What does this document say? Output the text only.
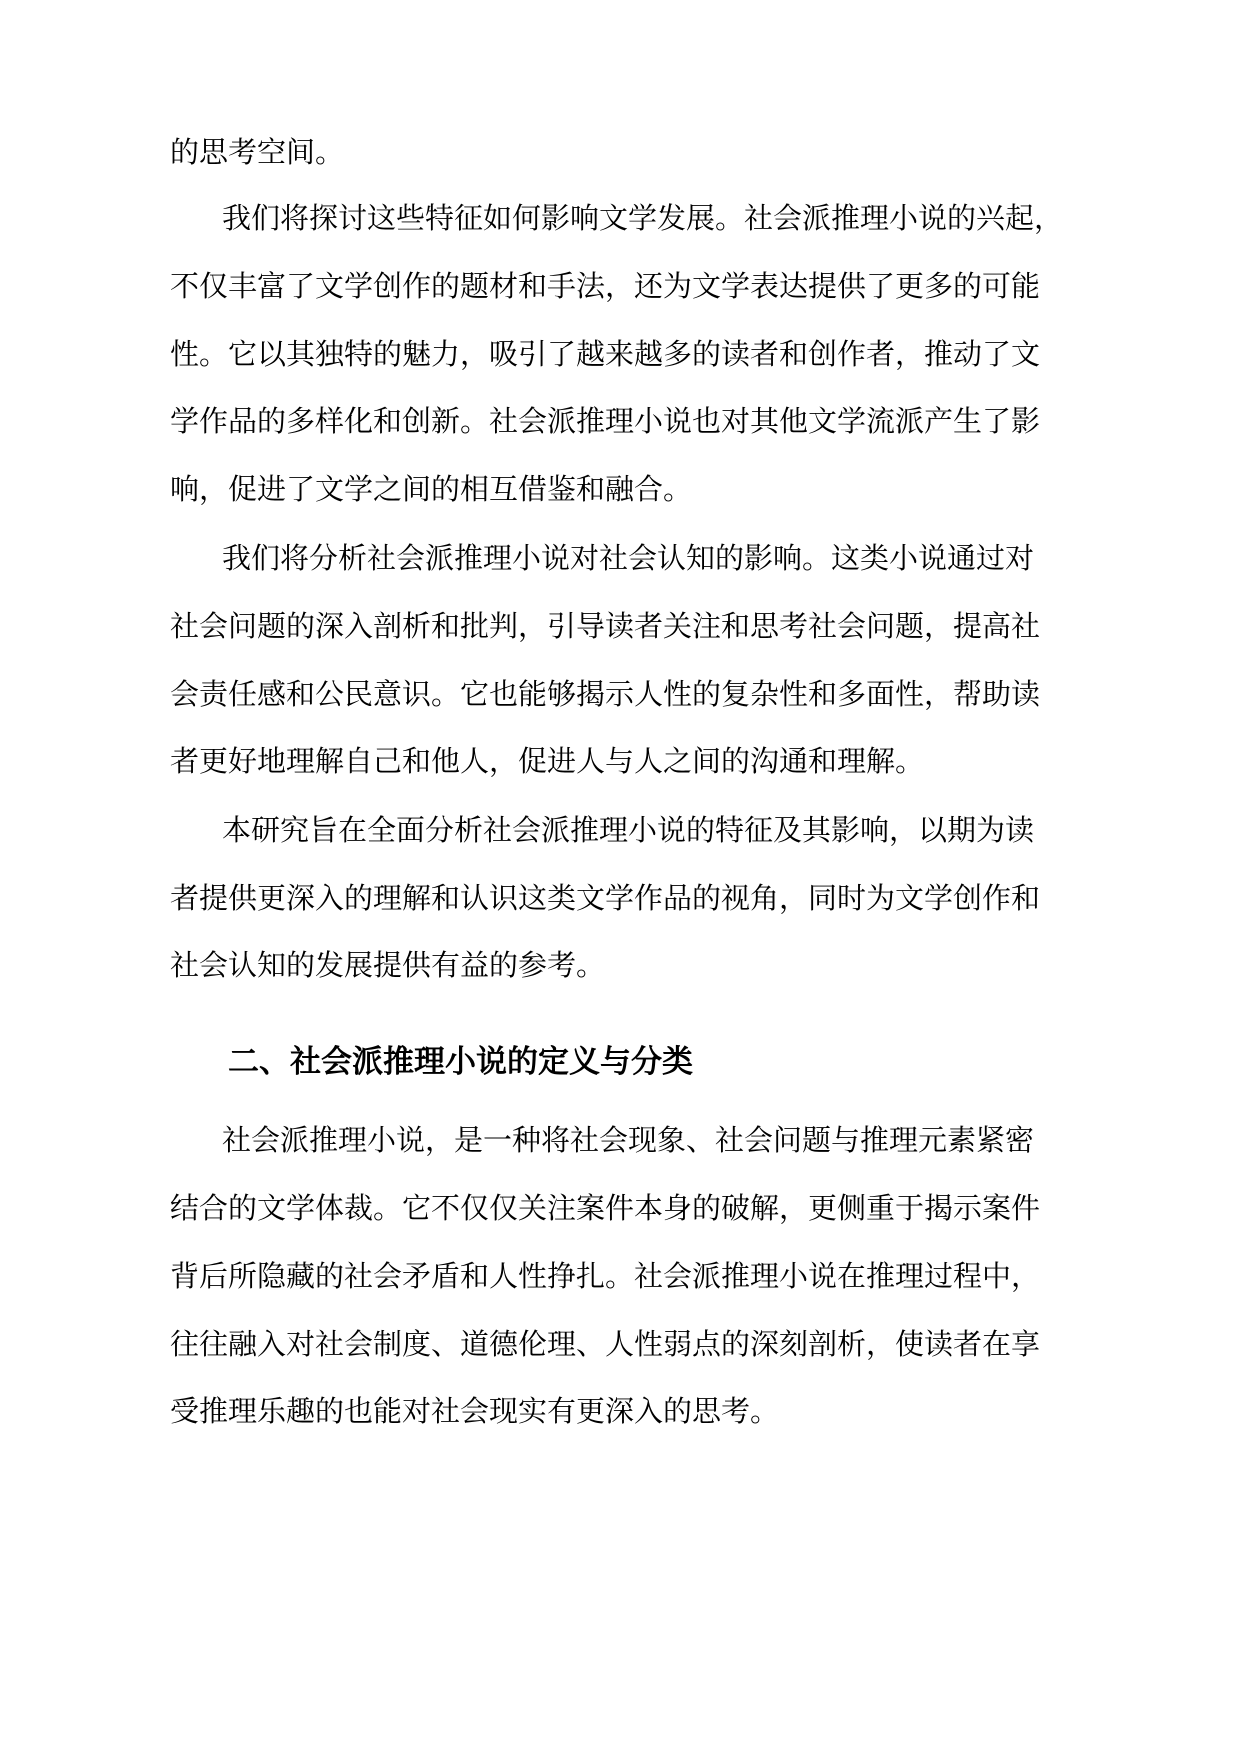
的思考空间。

我们将探讨这些特征如何影响文学发展。社会派推理小说的兴起，

不仅丰富了文学创作的题材和手法，还为文学表达提供了更多的可能

性。它以其独特的魅力，吸引了越来越多的读者和创作者，推动了文

学作品的多样化和创新。社会派推理小说也对其他文学流派产生了影

响，促进了文学之间的相互借鉴和融合。

我们将分析社会派推理小说对社会认知的影响。这类小说通过对

社会问题的深入剖析和批判，引导读者关注和思考社会问题，提高社

会责任感和公民意识。它也能够揭示人性的复杂性和多面性，帮助读

者更好地理解自己和他人，促进人与人之间的沟通和理解。

本研究旨在全面分析社会派推理小说的特征及其影响，以期为读

者提供更深入的理解和认识这类文学作品的视角，同时为文学创作和

社会认知的发展提供有益的参考。

二、社会派推理小说的定义与分类

社会派推理小说，是一种将社会现象、社会问题与推理元素紧密

结合的文学体裁。它不仅仅关注案件本身的破解，更侧重于揭示案件

背后所隐藏的社会矛盾和人性挣扎。社会派推理小说在推理过程中，

往往融入对社会制度、道德伦理、人性弱点的深刻剖析，使读者在享

受推理乐趣的也能对社会现实有更深入的思考。
